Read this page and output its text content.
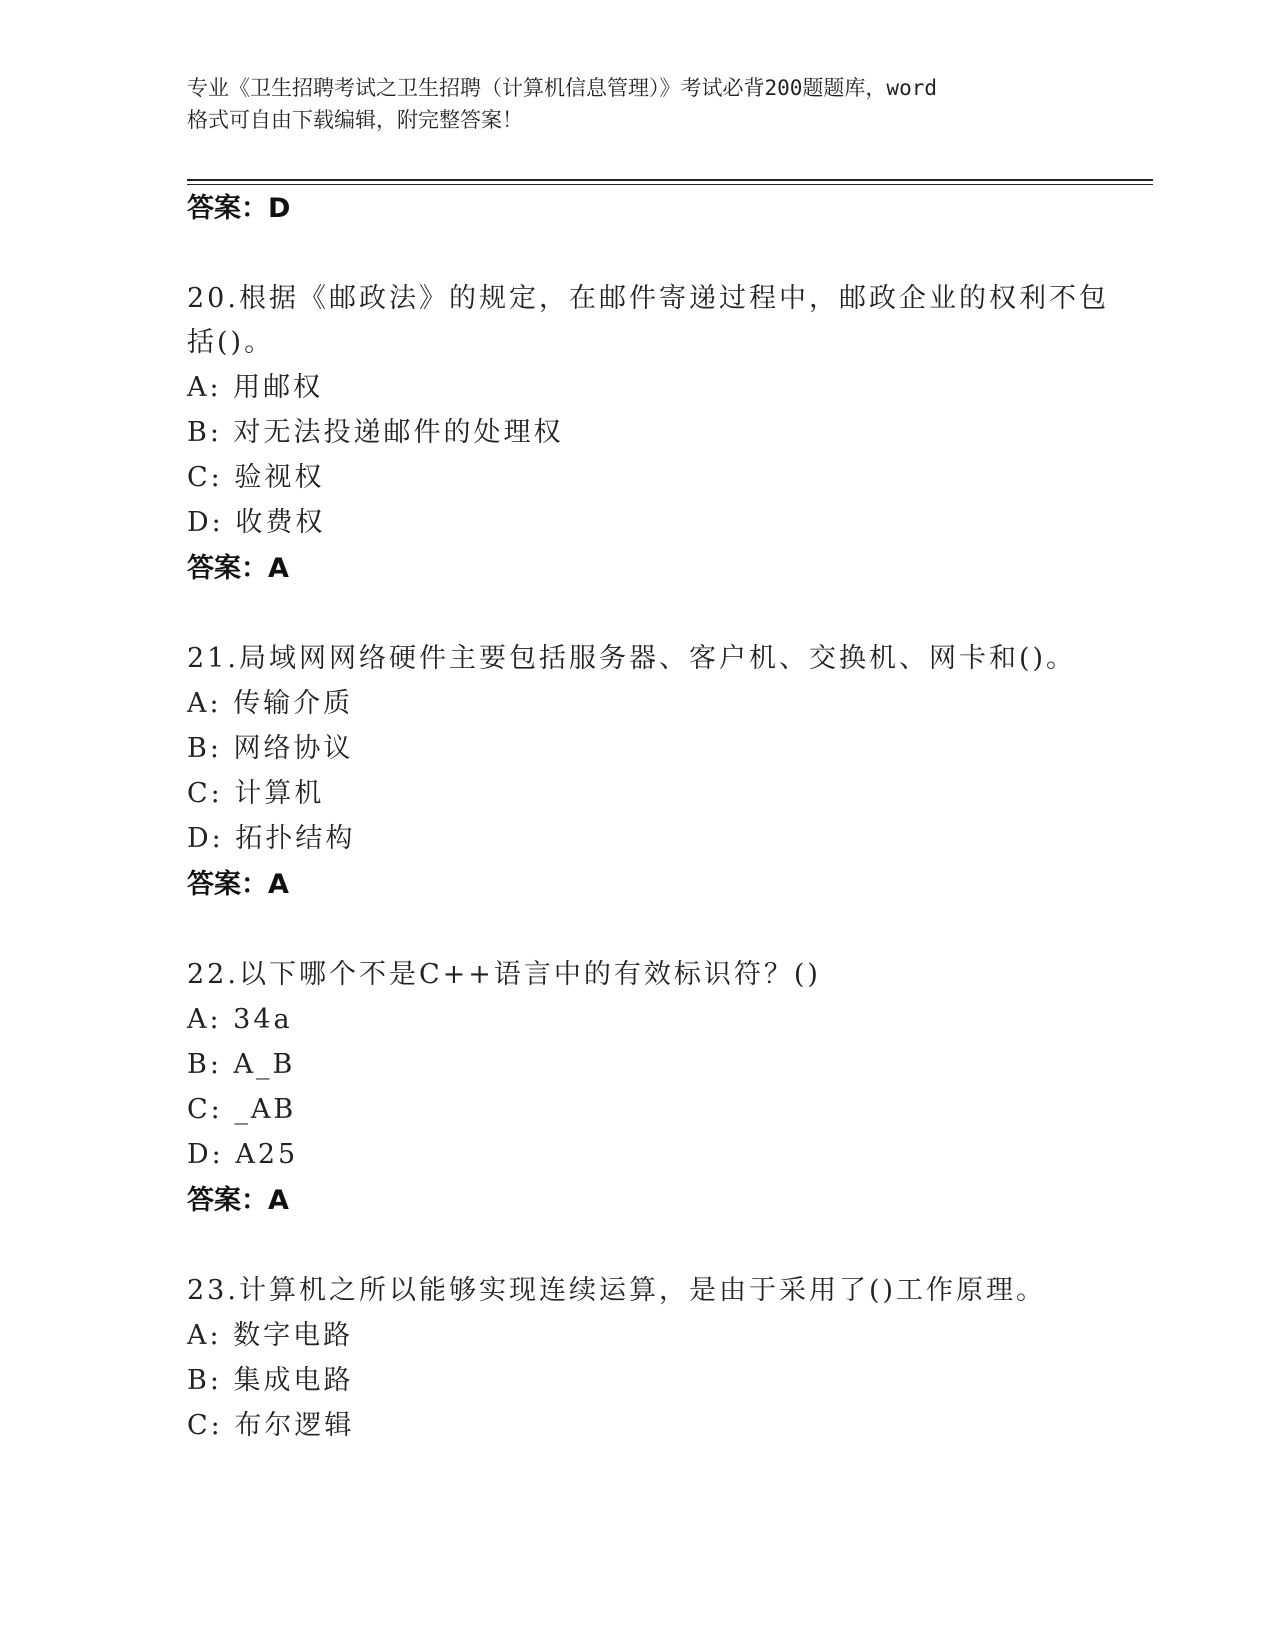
专业《卫生招聘考试之卫生招聘（计算机信息管理）》考试必背200题题库，word
格式可自由下载编辑，附完整答案！
答案：D
20.根据《邮政法》的规定，在邮件寄递过程中，邮政企业的权利不包
括()。
A: 用邮权
B: 对无法投递邮件的处理权
C: 验视权
D: 收费权
答案：A
21.局域网网络硬件主要包括服务器、客户机、交换机、网卡和()。
A: 传输介质
B: 网络协议
C: 计算机
D: 拓扑结构
答案：A
22.以下哪个不是C++语言中的有效标识符？()
A: 34a
B: A_B
C: _AB
D: A25
答案：A
23.计算机之所以能够实现连续运算，是由于采用了()工作原理。
A: 数字电路
B: 集成电路
C: 布尔逻辑
